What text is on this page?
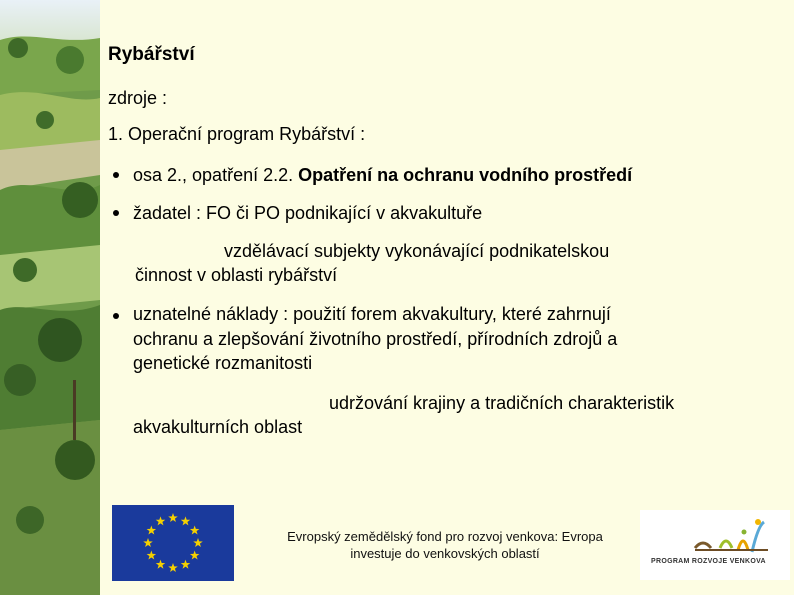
Rybářství
zdroje :
1. Operační program Rybářství :
osa 2., opatření 2.2. Opatření na ochranu vodního prostředí
žadatel : FO či PO podnikající v akvakultuře
vzdělávací subjekty vykonávající podnikatelskou
činnost v oblasti rybářství
uznatelné náklady : použití forem akvakultury, které zahrnují
ochranu a zlepšování životního prostředí, přírodních zdrojů a
genetické rozmanitosti
udržování krajiny a tradičních charakteristik
akvakulturních oblast
Evropský zemědělský fond pro rozvoj venkova: Evropa
investuje do venkovských oblastí
PROGRAM ROZVOJE VENKOVA
